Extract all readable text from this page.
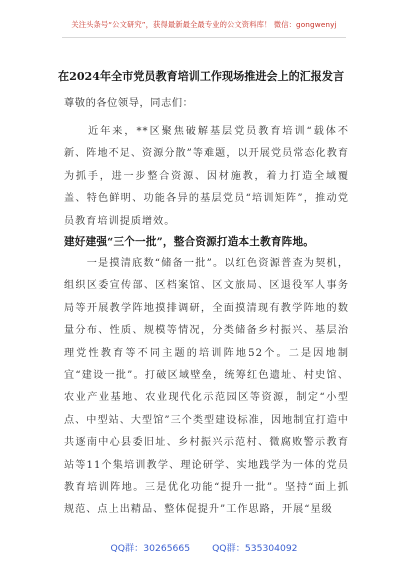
关注头条号“公文研究”，获得最新最全最专业的公文资料库！ 微信：gongwenyj
在2024年全市党员教育培训工作现场推进会上的汇报发言
尊敬的各位领导，同志们：

　　近年来，**区聚焦破解基层党员教育培训“载体不新、阵地不足、资源分散”等难题，以开展党员常态化教育为抓手，进一步整合资源、因材施教，着力打造全域覆盖、特色鲜明、功能各异的基层党员“培训矩阵”，推动党员教育培训提质增效。

建好建强“三个一批”，整合资源打造本土教育阵地。

　　一是摸清底数“储备一批”。以红色资源普查为契机，组织区委宣传部、区档案馆、区文旅局、区退役军人事务局等开展教学阵地摸排调研，全面摸清现有教学阵地的数量分布、性质、规模等情况，分类储备乡村振兴、基层治理党性教育等不同主题的培训阵地52个。二是因地制宜“建设一批”。打破区域壁垒，统筹红色遗址、村史馆、农业产业基地、农业现代化示范园区等资源，制定“小型点、中型站、大型馆”三个类型建设标准，因地制宜打造中共逐南中心县委旧址、乡村振兴示范村、微腐败警示教育站等11个集培训教学、理论研学、实地践学为一体的党员教育培训阵地。三是优化功能“提升一批”。坚持“面上抓规范、点上出精品、整体促提升”工作思路，开展“星级

QQ群：30265665 QQ群：535304092
